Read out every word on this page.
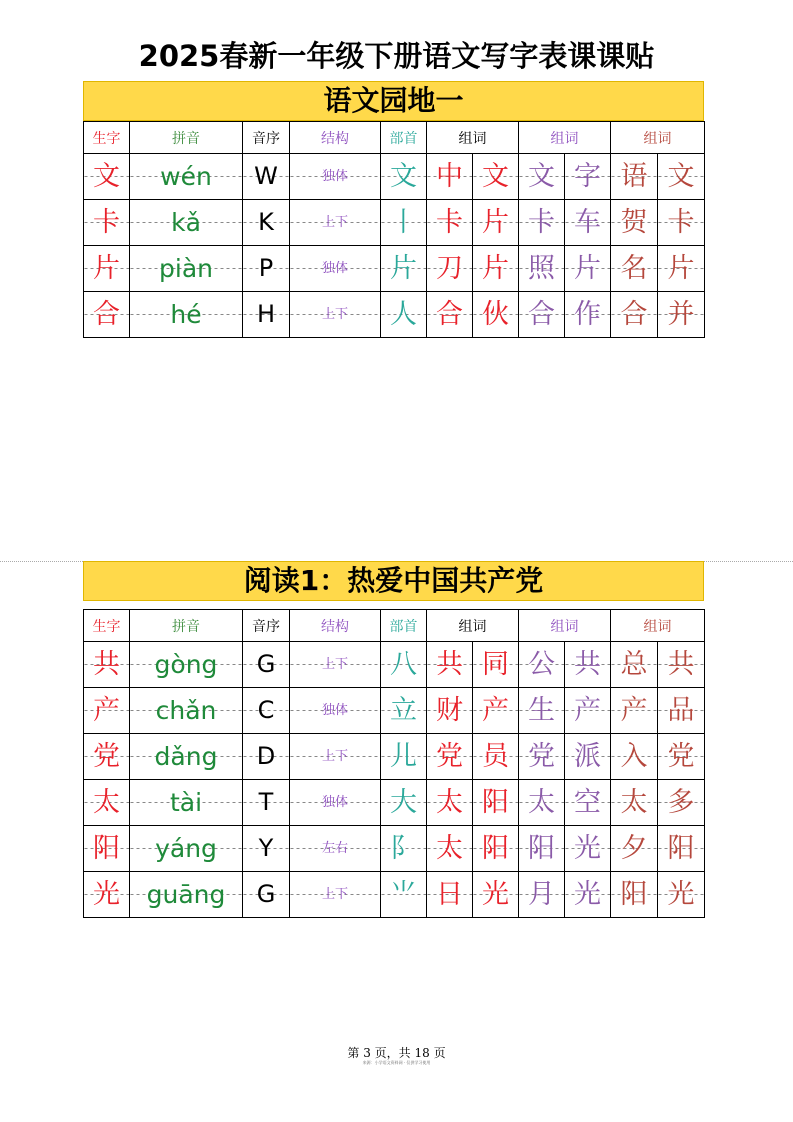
2025春新一年级下册语文写字表课课贴
语文园地一
生字	拼音	音序	结构	部首	组词		组词		组词	
文	wén	W	独体	文	中	文	文	字	语	文
卡	kǎ	K	上下	丨	卡	片	卡	车	贺	卡
片	piàn	P	独体	片	刀	片	照	片	名	片
合	hé	H	上下	人	合	伙	合	作	合	并
阅读1：热爱中国共产党
生字	拼音	音序	结构	部首	组词		组词		组词	
共	gòng	G	上下	八	共	同	公	共	总	共
产	chǎn	C	独体	立	财	产	生	产	产	品
党	dǎng	D	上下	儿	党	员	党	派	入	党
太	tài	T	独体	大	太	阳	太	空	太	多
阳	yáng	Y	左右	阝	太	阳	阳	光	夕	阳
光	guāng	G	上下	⺌	日	光	月	光	阳	光
第 3 页，共 18 页
来源：小学语文资料网 · 仅供学习使用
